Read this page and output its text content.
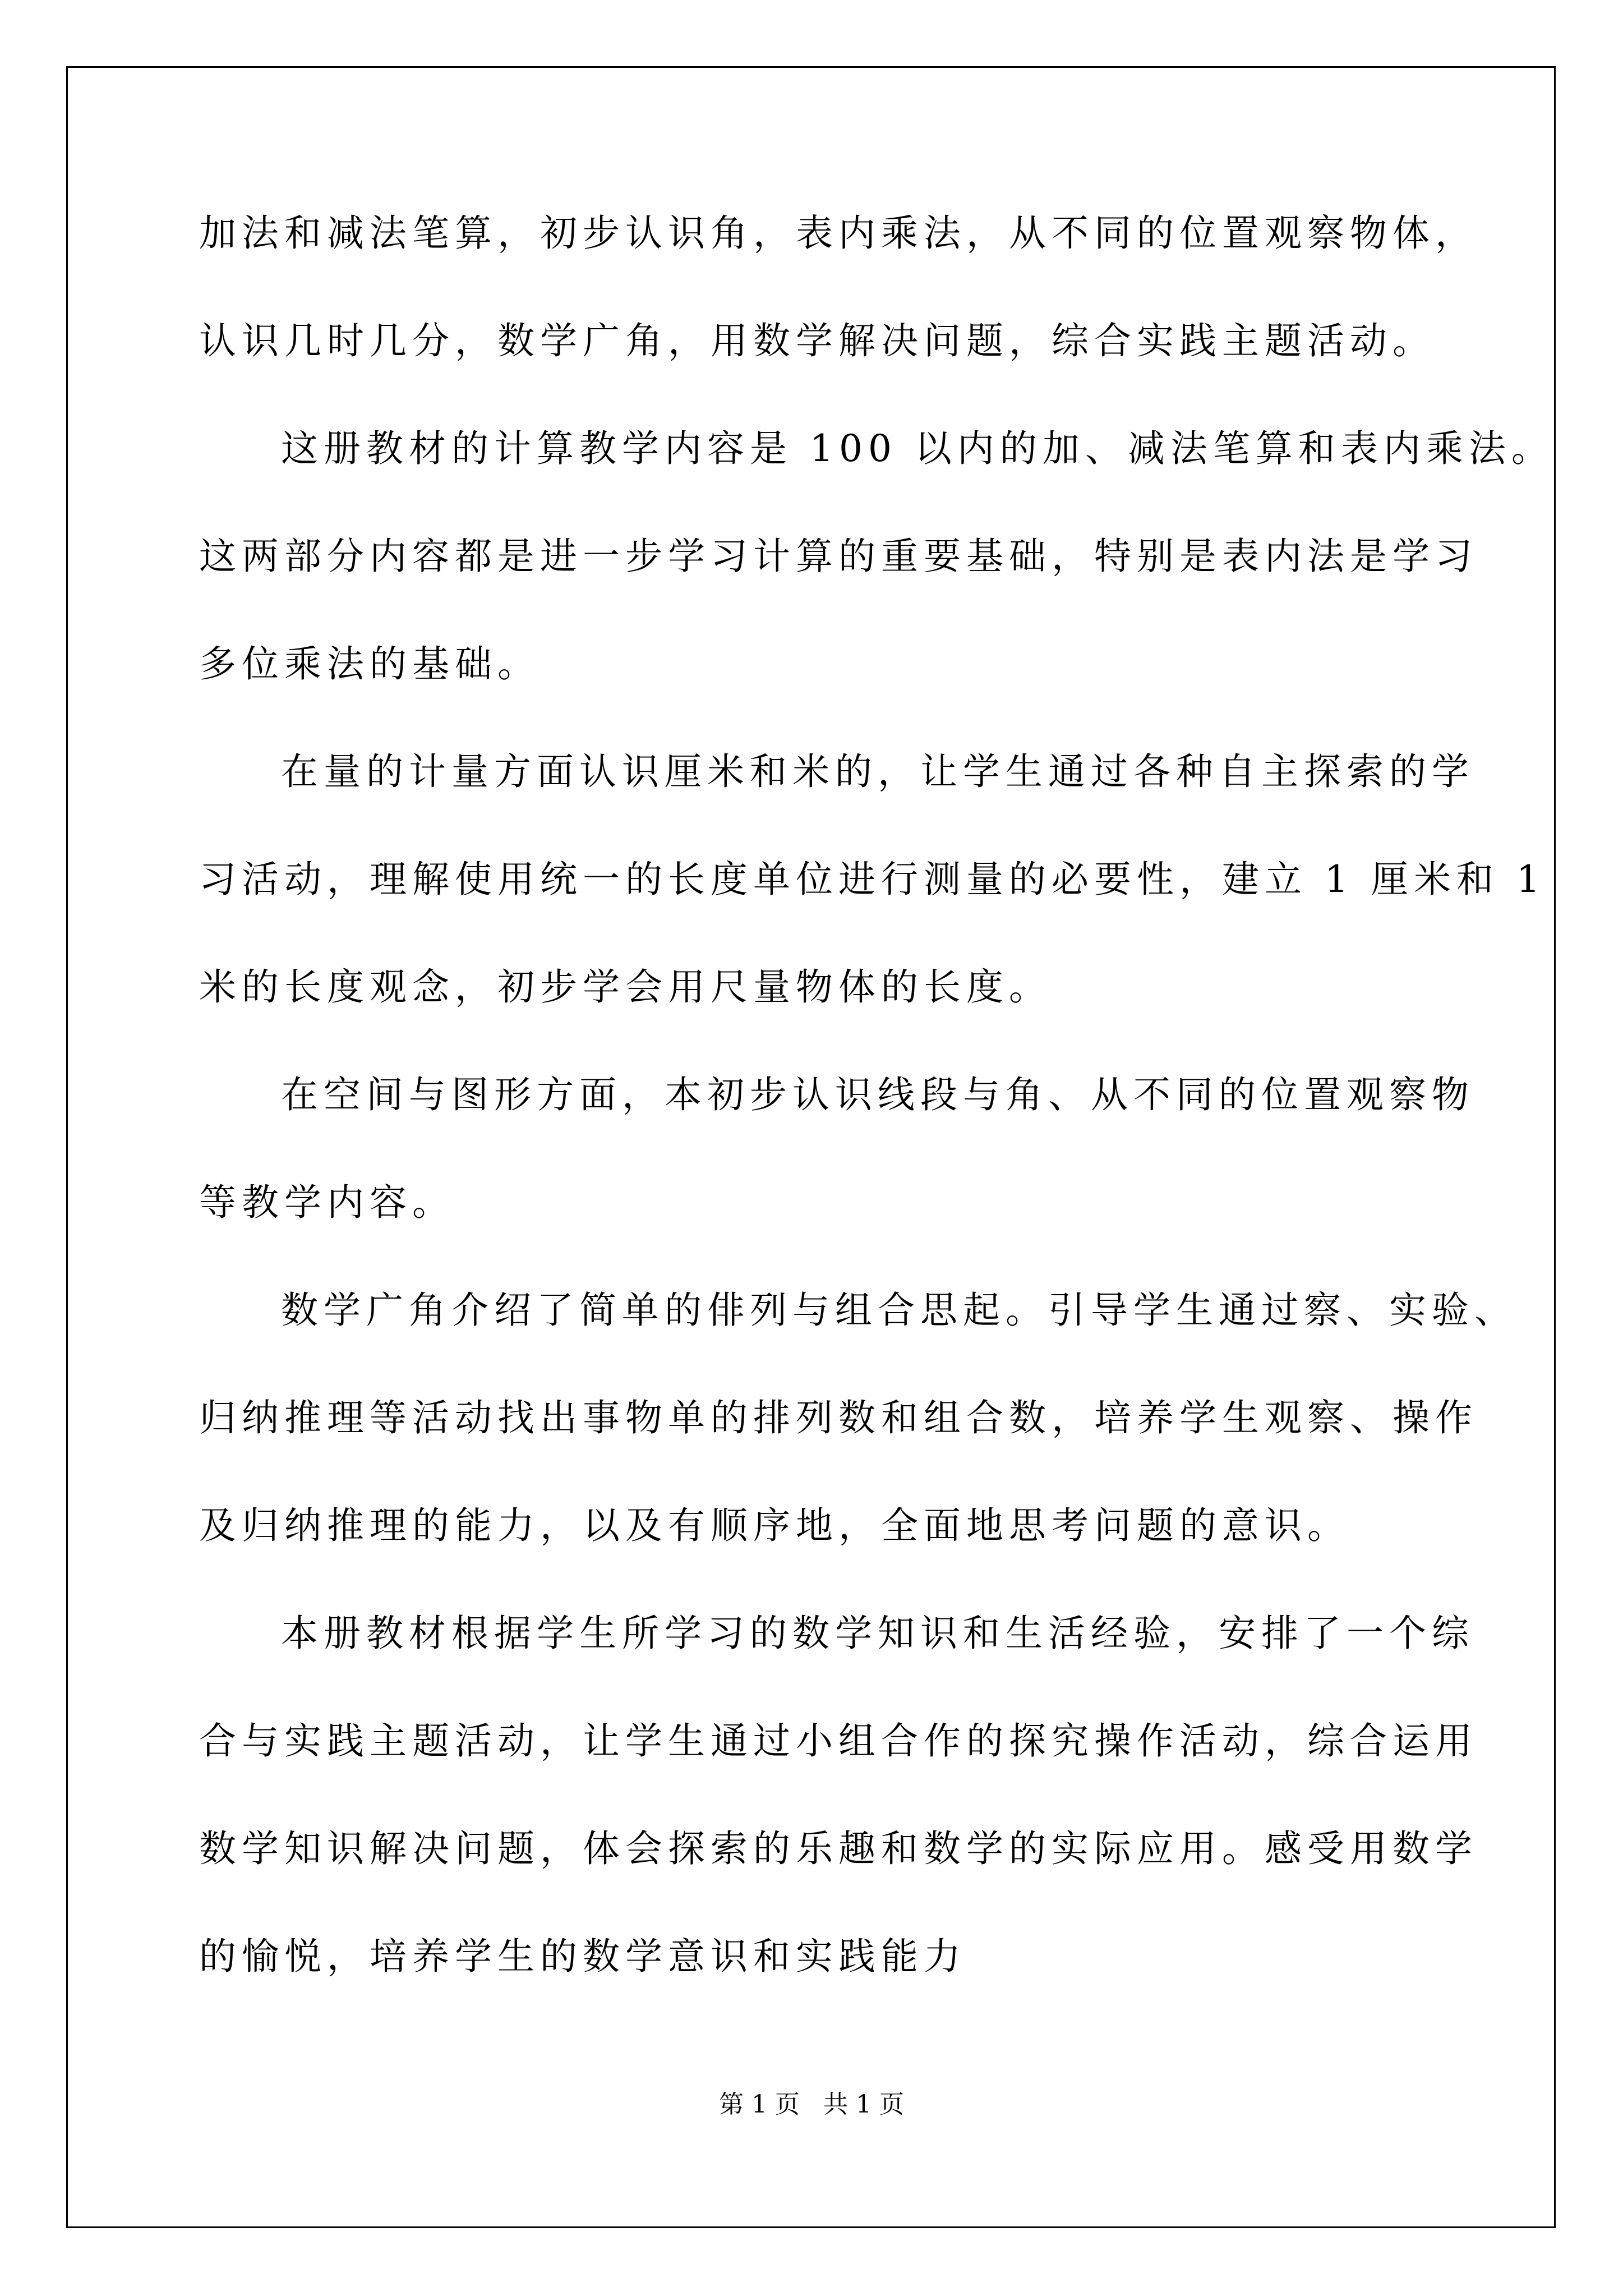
加法和减法笔算，初步认识角，表内乘法，从不同的位置观察物体，
认识几时几分，数学广角，用数学解决问题，综合实践主题活动。
这册教材的计算教学内容是 100 以内的加、减法笔算和表内乘法。
这两部分内容都是进一步学习计算的重要基础，特别是表内法是学习
多位乘法的基础。
在量的计量方面认识厘米和米的，让学生通过各种自主探索的学
习活动，理解使用统一的长度单位进行测量的必要性，建立 1 厘米和 1
米的长度观念，初步学会用尺量物体的长度。
在空间与图形方面，本初步认识线段与角、从不同的位置观察物
等教学内容。
数学广角介绍了简单的俳列与组合思起。引导学生通过察、实验、
归纳推理等活动找出事物单的排列数和组合数，培养学生观察、操作
及归纳推理的能力，以及有顺序地，全面地思考问题的意识。
本册教材根据学生所学习的数学知识和生活经验，安排了一个综
合与实践主题活动，让学生通过小组合作的探究操作活动，综合运用
数学知识解决问题，体会探索的乐趣和数学的实际应用。感受用数学
的愉悦，培养学生的数学意识和实践能力
第 1 页   共 1 页
